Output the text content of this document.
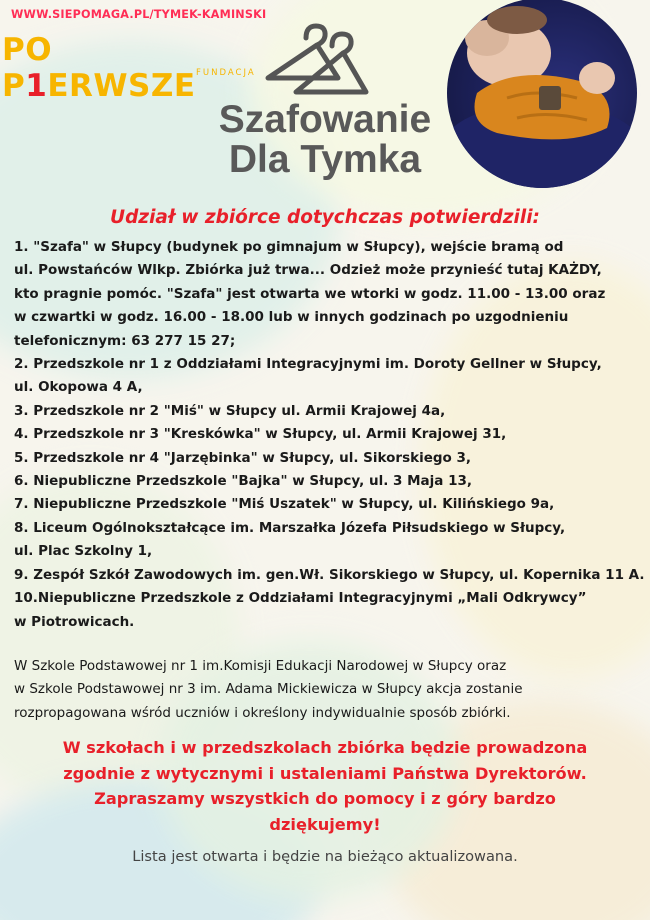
WWW.SIEPOMAGA.PL/TYMEK-KAMINSKI
PO P1ERWSZE FUNDACJA
Szafowanie
Dla Tymka
Udział w zbiórce dotychczas potwierdzili:
1. "Szafa" w Słupcy (budynek po gimnajum w Słupcy), wejście bramą od
ul. Powstańców Wlkp. Zbiórka już trwa... Odzież może przynieść tutaj KAŻDY,
kto pragnie pomóc. "Szafa" jest otwarta we wtorki w godz. 11.00 - 13.00 oraz
w czwartki w godz. 16.00 - 18.00 lub w innych godzinach po uzgodnieniu
telefonicznym: 63 277 15 27;
2. Przedszkole nr 1 z Oddziałami Integracyjnymi im. Doroty Gellner w Słupcy,
ul. Okopowa 4 A,
3. Przedszkole nr 2 "Miś" w Słupcy ul. Armii Krajowej 4a,
4. Przedszkole nr 3 "Kreskówka" w Słupcy, ul. Armii Krajowej 31,
5. Przedszkole nr 4 "Jarzębinka" w Słupcy, ul. Sikorskiego 3,
6. Niepubliczne Przedszkole "Bajka" w Słupcy, ul. 3 Maja 13,
7. Niepubliczne Przedszkole "Miś Uszatek" w Słupcy, ul. Kilińskiego 9a,
8. Liceum Ogólnokształcące im. Marszałka Józefa Piłsudskiego w Słupcy,
ul. Plac Szkolny 1,
9. Zespół Szkół Zawodowych im. gen.Wł. Sikorskiego w Słupcy, ul. Kopernika 11 A.
10.Niepubliczne Przedszkole z Oddziałami Integracyjnymi „Mali Odkrywcy”
w Piotrowicach.
W Szkole Podstawowej nr 1 im.Komisji Edukacji Narodowej w Słupcy oraz
w Szkole Podstawowej nr 3 im. Adama Mickiewicza w Słupcy akcja zostanie
rozpropagowana wśród uczniów i określony indywidualnie sposób zbiórki.
W szkołach i w przedszkolach zbiórka będzie prowadzona
zgodnie z wytycznymi i ustaleniami Państwa Dyrektorów.
Zapraszamy wszystkich do pomocy i z góry bardzo
dziękujemy!
Lista jest otwarta i będzie na bieżąco aktualizowana.
